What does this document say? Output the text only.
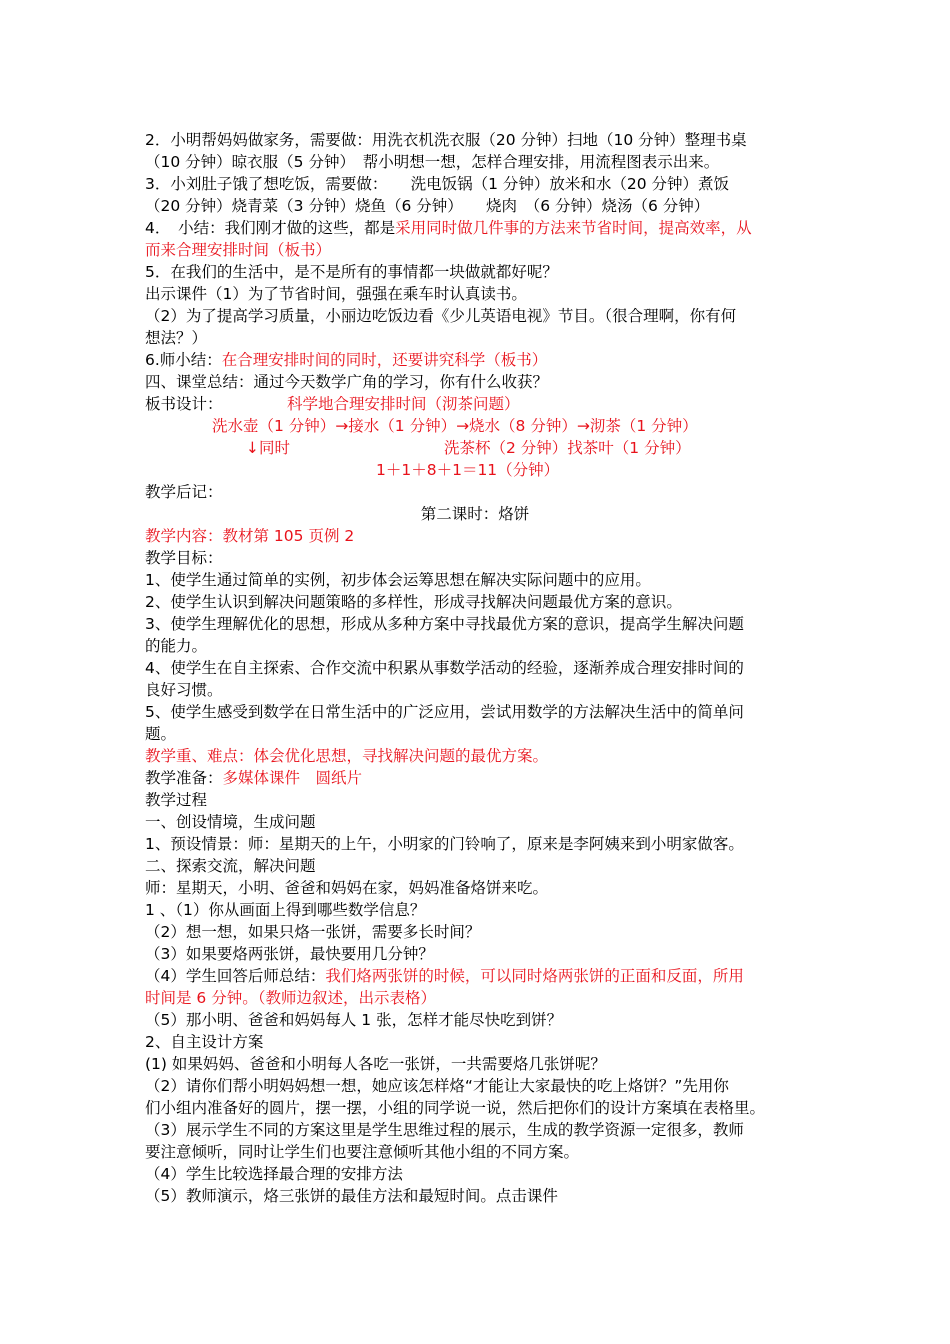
2．小明帮妈妈做家务，需要做：用洗衣机洗衣服（20 分钟）扫地（10 分钟）整理书桌
（10 分钟）晾衣服（5 分钟）　帮小明想一想，怎样合理安排，用流程图表示出来。
3．小刘肚子饿了想吃饭，需要做：　　洗电饭锅（1 分钟）放米和水（20 分钟）煮饭
（20 分钟）烧青菜（3 分钟）烧鱼（6 分钟）　　烧肉　（6 分钟）烧汤（6 分钟）
4．　小结：我们刚才做的这些，都是采用同时做几件事的方法来节省时间，提高效率，从
而来合理安排时间（板书）
5．在我们的生活中，是不是所有的事情都一块做就都好呢？
出示课件（1）为了节省时间，强强在乘车时认真读书。
（2）为了提高学习质量，小丽边吃饭边看《少儿英语电视》节目。（很合理啊，你有何
想法？）
6.师小结：在合理安排时间的同时，还要讲究科学（板书）
四、课堂总结：通过今天数学广角的学习，你有什么收获？
板书设计：	科学地合理安排时间（沏茶问题）
洗水壶（1 分钟）→接水（1 分钟）→烧水（8 分钟）→沏茶（1 分钟）
↓同时	洗茶杯（2 分钟）找茶叶（1 分钟）
1＋1＋8＋1＝11（分钟）
教学后记：
第二课时：烙饼
教学内容：教材第 105 页例 2
教学目标：
1、使学生通过简单的实例，初步体会运筹思想在解决实际问题中的应用。
2、使学生认识到解决问题策略的多样性，形成寻找解决问题最优方案的意识。
3、使学生理解优化的思想，形成从多种方案中寻找最优方案的意识，提高学生解决问题
的能力。
4、使学生在自主探索、合作交流中积累从事数学活动的经验，逐渐养成合理安排时间的
良好习惯。
5、使学生感受到数学在日常生活中的广泛应用，尝试用数学的方法解决生活中的简单问
题。
教学重、难点：体会优化思想，寻找解决问题的最优方案。
教学准备：多媒体课件　圆纸片
教学过程
一、创设情境，生成问题
1、预设情景：师：星期天的上午，小明家的门铃响了，原来是李阿姨来到小明家做客。
二、探索交流，解决问题
师：星期天，小明、爸爸和妈妈在家，妈妈准备烙饼来吃。
1 、（1）你从画面上得到哪些数学信息？
（2）想一想，如果只烙一张饼，需要多长时间？
（3）如果要烙两张饼，最快要用几分钟？
（4）学生回答后师总结：我们烙两张饼的时候，可以同时烙两张饼的正面和反面，所用
时间是 6 分钟。（教师边叙述，出示表格）
（5）那小明、爸爸和妈妈每人 1 张，怎样才能尽快吃到饼？
2、自主设计方案
(1) 如果妈妈、爸爸和小明每人各吃一张饼，一共需要烙几张饼呢？
（2）请你们帮小明妈妈想一想，她应该怎样烙“才能让大家最快的吃上烙饼？”先用你
们小组内准备好的圆片，摆一摆，小组的同学说一说，然后把你们的设计方案填在表格里。
（3）展示学生不同的方案这里是学生思维过程的展示，生成的教学资源一定很多，教师
要注意倾听，同时让学生们也要注意倾听其他小组的不同方案。
（4）学生比较选择最合理的安排方法
（5）教师演示，烙三张饼的最佳方法和最短时间。点击课件
